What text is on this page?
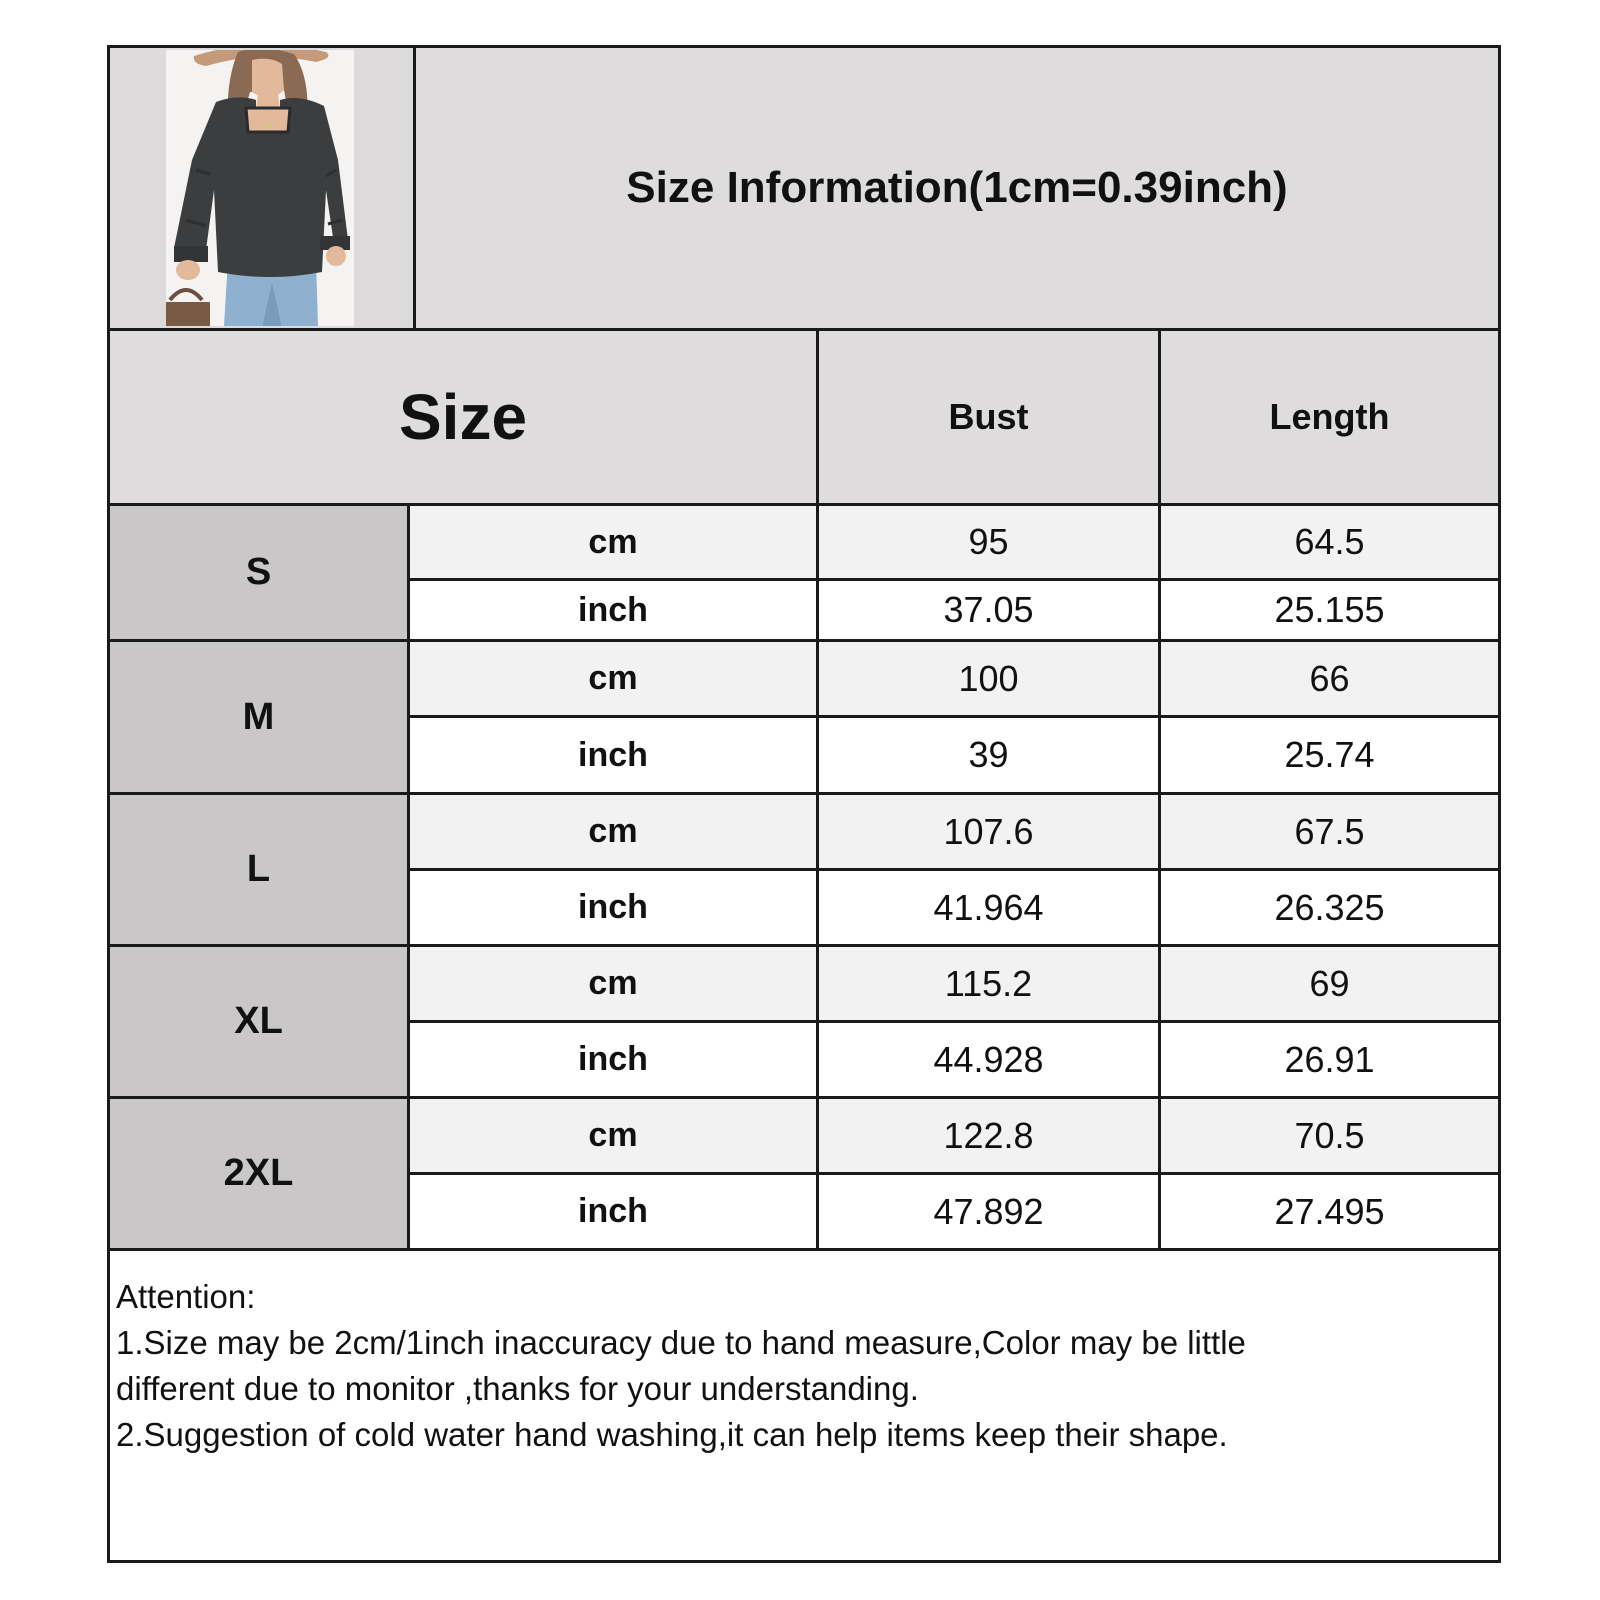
Size Information(1cm=0.39inch)
Size	Bust	Length
S
cm	95	64.5
inch	37.05	25.155
M
cm	100	66
inch	39	25.74
L
cm	107.6	67.5
inch	41.964	26.325
XL
cm	115.2	69
inch	44.928	26.91
2XL
cm	122.8	70.5
inch	47.892	27.495
Attention:
1.Size may be 2cm/1inch inaccuracy due to hand measure,Color may be little
different due to monitor ,thanks for your understanding.
2.Suggestion of cold water hand washing,it can help items keep their shape.
